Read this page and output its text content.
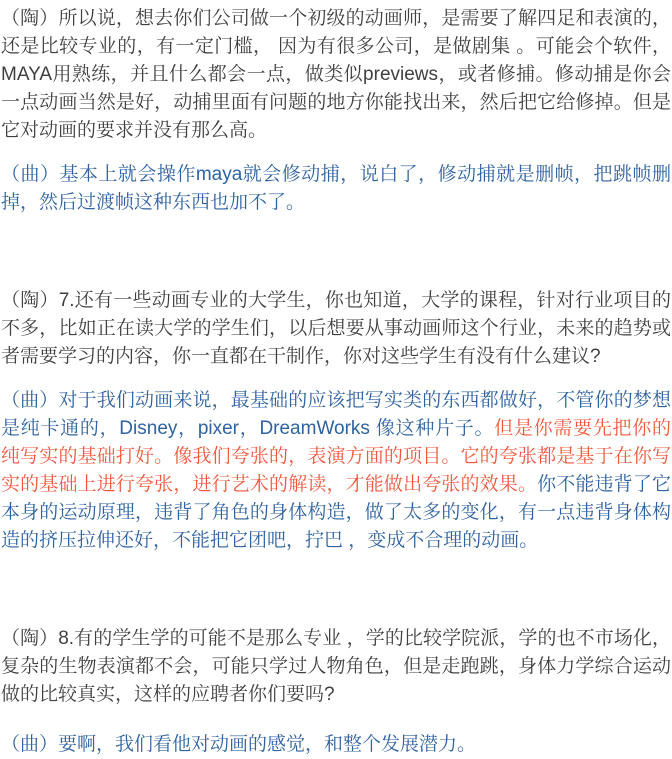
（陶）所以说，想去你们公司做一个初级的动画师，是需要了解四足和表演的，还是比较专业的，有一定门槛， 因为有很多公司，是做剧集 。可能会个软件，MAYA用熟练，并且什么都会一点，做类似previews，或者修捕。修动捕是你会一点动画当然是好，动捕里面有问题的地方你能找出来，然后把它给修掉。但是它对动画的要求并没有那么高。

（曲）基本上就会操作maya就会修动捕，说白了，修动捕就是删帧，把跳帧删掉，然后过渡帧这种东西也加不了。

（陶）7.还有一些动画专业的大学生，你也知道，大学的课程，针对行业项目的不多，比如正在读大学的学生们，以后想要从事动画师这个行业，未来的趋势或者需要学习的内容，你一直都在干制作，你对这些学生有没有什么建议?

（曲）对于我们动画来说，最基础的应该把写实类的东西都做好，不管你的梦想是纯卡通的，Disney，pixer，DreamWorks 像这种片子。但是你需要先把你的纯写实的基础打好。像我们夸张的，表演方面的项目。它的夸张都是基于在你写实的基础上进行夸张，进行艺术的解读，才能做出夸张的效果。你不能违背了它本身的运动原理，违背了角色的身体构造，做了太多的变化，有一点违背身体构造的挤压拉伸还好，不能把它团吧，拧巴 ，变成不合理的动画。

（陶）8.有的学生学的可能不是那么专业 ，学的比较学院派，学的也不市场化，复杂的生物表演都不会，可能只学过人物角色，但是走跑跳，身体力学综合运动做的比较真实，这样的应聘者你们要吗?

（曲）要啊，我们看他对动画的感觉，和整个发展潜力。
